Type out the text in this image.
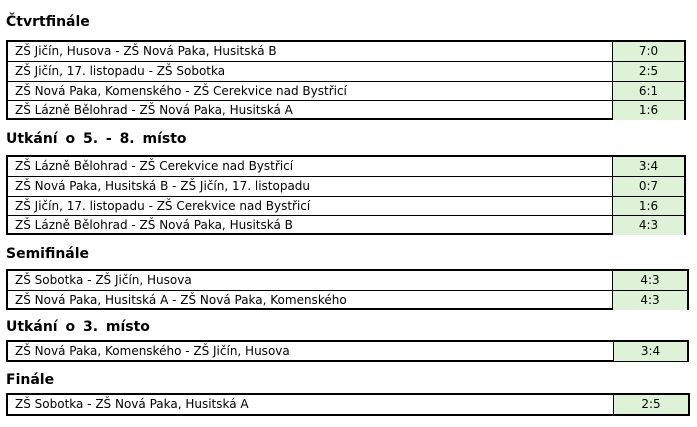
Čtvrtfinále
ZŠ Jičín, Husova - ZŠ Nová Paka, Husitská B	7:0
ZŠ Jičín, 17. listopadu - ZŠ Sobotka	2:5
ZŠ Nová Paka, Komenského - ZŠ Cerekvice nad Bystřicí	6:1
ZŠ Lázně Bělohrad - ZŠ Nová Paka, Husitská A	1:6
Utkání o 5. - 8. místo
ZŠ Lázně Bělohrad - ZŠ Cerekvice nad Bystřicí	3:4
ZŠ Nová Paka, Husitská B - ZŠ Jičín, 17. listopadu	0:7
ZŠ Jičín, 17. listopadu - ZŠ Cerekvice nad Bystřicí	1:6
ZŠ Lázně Bělohrad - ZŠ Nová Paka, Husitská B	4:3
Semifinále
ZŠ Sobotka - ZŠ Jičín, Husova	4:3
ZŠ Nová Paka, Husitská A - ZŠ Nová Paka, Komenského	4:3
Utkání o 3. místo
ZŠ Nová Paka, Komenského - ZŠ Jičín, Husova	3:4
Finále
ZŠ Sobotka - ZŠ Nová Paka, Husitská A	2:5
